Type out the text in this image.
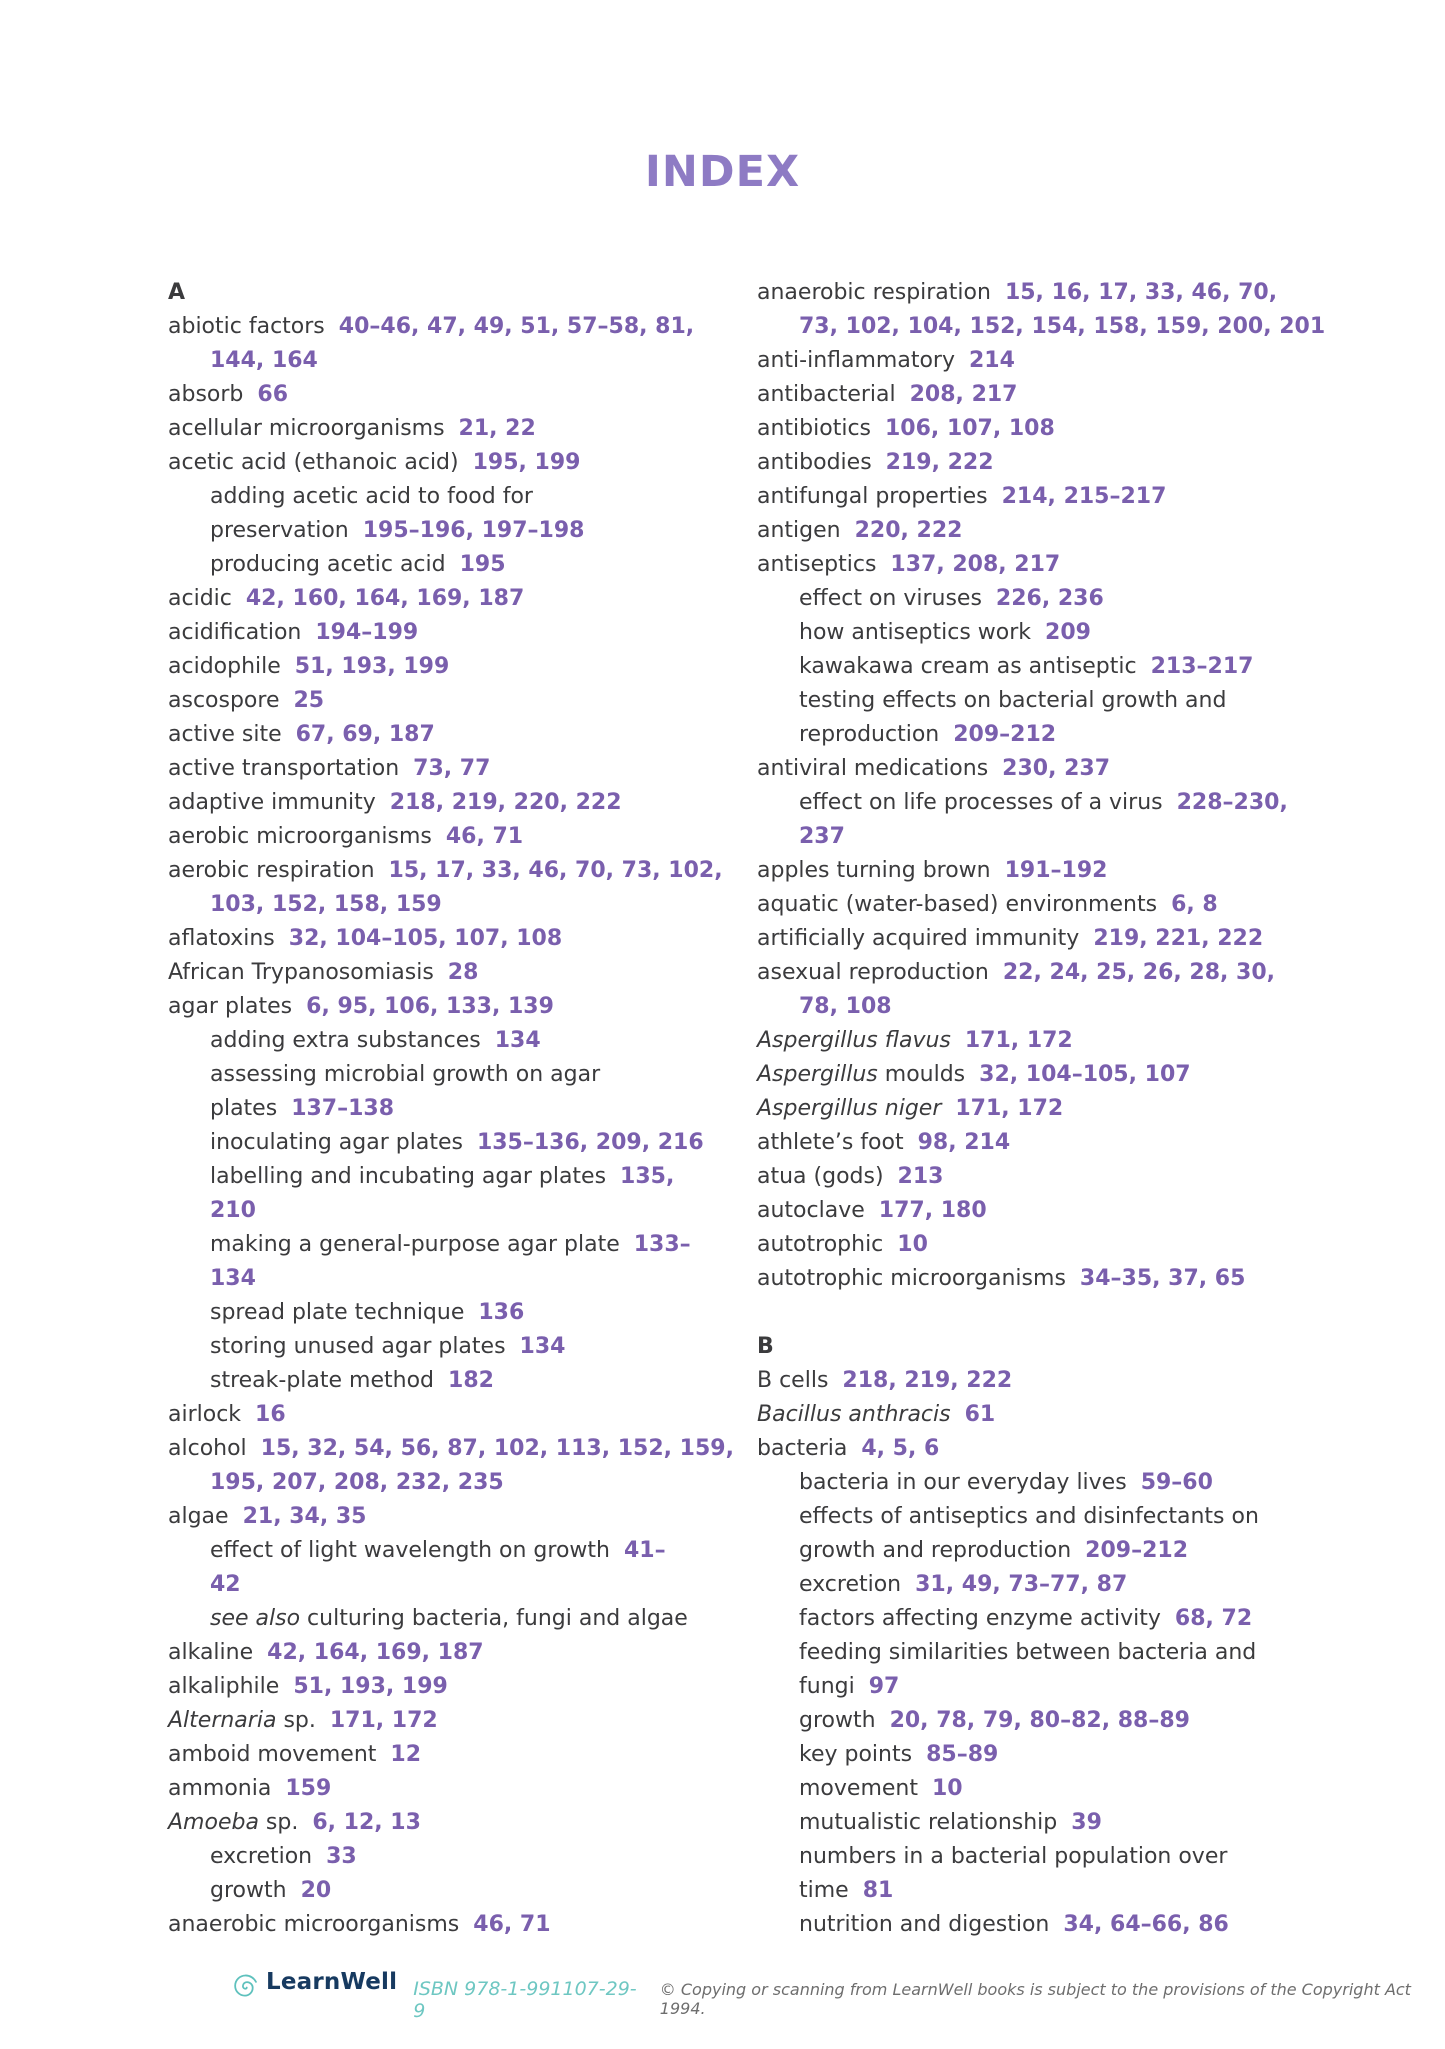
INDEX
A
abiotic factors 40–46, 47, 49, 51, 57–58, 81,
144, 164
absorb 66
acellular microorganisms 21, 22
acetic acid (ethanoic acid) 195, 199
adding acetic acid to food for
preservation 195–196, 197–198
producing acetic acid 195
acidic 42, 160, 164, 169, 187
acidification 194–199
acidophile 51, 193, 199
ascospore 25
active site 67, 69, 187
active transportation 73, 77
adaptive immunity 218, 219, 220, 222
aerobic microorganisms 46, 71
aerobic respiration 15, 17, 33, 46, 70, 73, 102,
103, 152, 158, 159
aflatoxins 32, 104–105, 107, 108
African Trypanosomiasis 28
agar plates 6, 95, 106, 133, 139
adding extra substances 134
assessing microbial growth on agar
plates 137–138
inoculating agar plates 135–136, 209, 216
labelling and incubating agar plates 135,
210
making a general-purpose agar plate 133–
134
spread plate technique 136
storing unused agar plates 134
streak-plate method 182
airlock 16
alcohol 15, 32, 54, 56, 87, 102, 113, 152, 159,
195, 207, 208, 232, 235
algae 21, 34, 35
effect of light wavelength on growth 41–
42
see also culturing bacteria, fungi and algae
alkaline 42, 164, 169, 187
alkaliphile 51, 193, 199
Alternaria sp. 171, 172
amboid movement 12
ammonia 159
Amoeba sp. 6, 12, 13
excretion 33
growth 20
anaerobic microorganisms 46, 71
anaerobic respiration 15, 16, 17, 33, 46, 70,
73, 102, 104, 152, 154, 158, 159, 200, 201
anti-inflammatory 214
antibacterial 208, 217
antibiotics 106, 107, 108
antibodies 219, 222
antifungal properties 214, 215–217
antigen 220, 222
antiseptics 137, 208, 217
effect on viruses 226, 236
how antiseptics work 209
kawakawa cream as antiseptic 213–217
testing effects on bacterial growth and
reproduction 209–212
antiviral medications 230, 237
effect on life processes of a virus 228–230,
237
apples turning brown 191–192
aquatic (water-based) environments 6, 8
artificially acquired immunity 219, 221, 222
asexual reproduction 22, 24, 25, 26, 28, 30,
78, 108
Aspergillus flavus 171, 172
Aspergillus moulds 32, 104–105, 107
Aspergillus niger 171, 172
athlete’s foot 98, 214
atua (gods) 213
autoclave 177, 180
autotrophic 10
autotrophic microorganisms 34–35, 37, 65
B
B cells 218, 219, 222
Bacillus anthracis 61
bacteria 4, 5, 6
bacteria in our everyday lives 59–60
effects of antiseptics and disinfectants on
growth and reproduction 209–212
excretion 31, 49, 73–77, 87
factors affecting enzyme activity 68, 72
feeding similarities between bacteria and
fungi 97
growth 20, 78, 79, 80–82, 88–89
key points 85–89
movement 10
mutualistic relationship 39
numbers in a bacterial population over
time 81
nutrition and digestion 34, 64–66, 86
LearnWell ISBN 978-1-991107-29-9
© Copying or scanning from LearnWell books is subject to the provisions of the Copyright Act 1994.
